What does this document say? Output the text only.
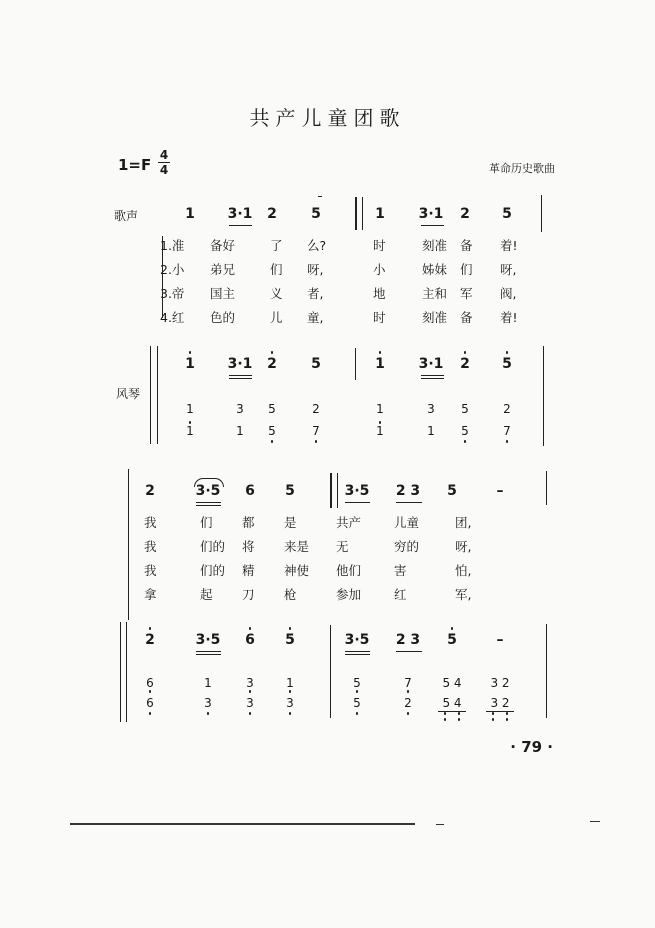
共产儿童团歌
1=F
4
4	革命历史歌曲
歌声
风琴
· 79 ·
1 3·1 2 5	1 3·1 2 5
1.准 备好	了 么?	时	刻准 备 着!
2.小 弟兄	们 呀,	小	姊妹 们 呀,
3.帝 国主	义 者,	地	主和 军 阀,
4.红 色的	儿 童,	时	刻准 备 着!
1 3·1 2 5	1 3·1 2 5
1	3 5	2	1	3 5	2
1	1 5	7	1	1 5	7
2	3·5 6 5	3·5 2 3 5	–
我	们 都 是	共产	儿童	团,
我	们的 将 来是 无	穷的	呀,
我	们的 精 神使 他们	害	怕,
拿	起 刀 枪	参加	红	军,
2	3·5 6 5	3·5 2 3 5	–
6	1	3	1	5	7	5 4 3 2
6	3	3	3	5	2	5 4 3 2
